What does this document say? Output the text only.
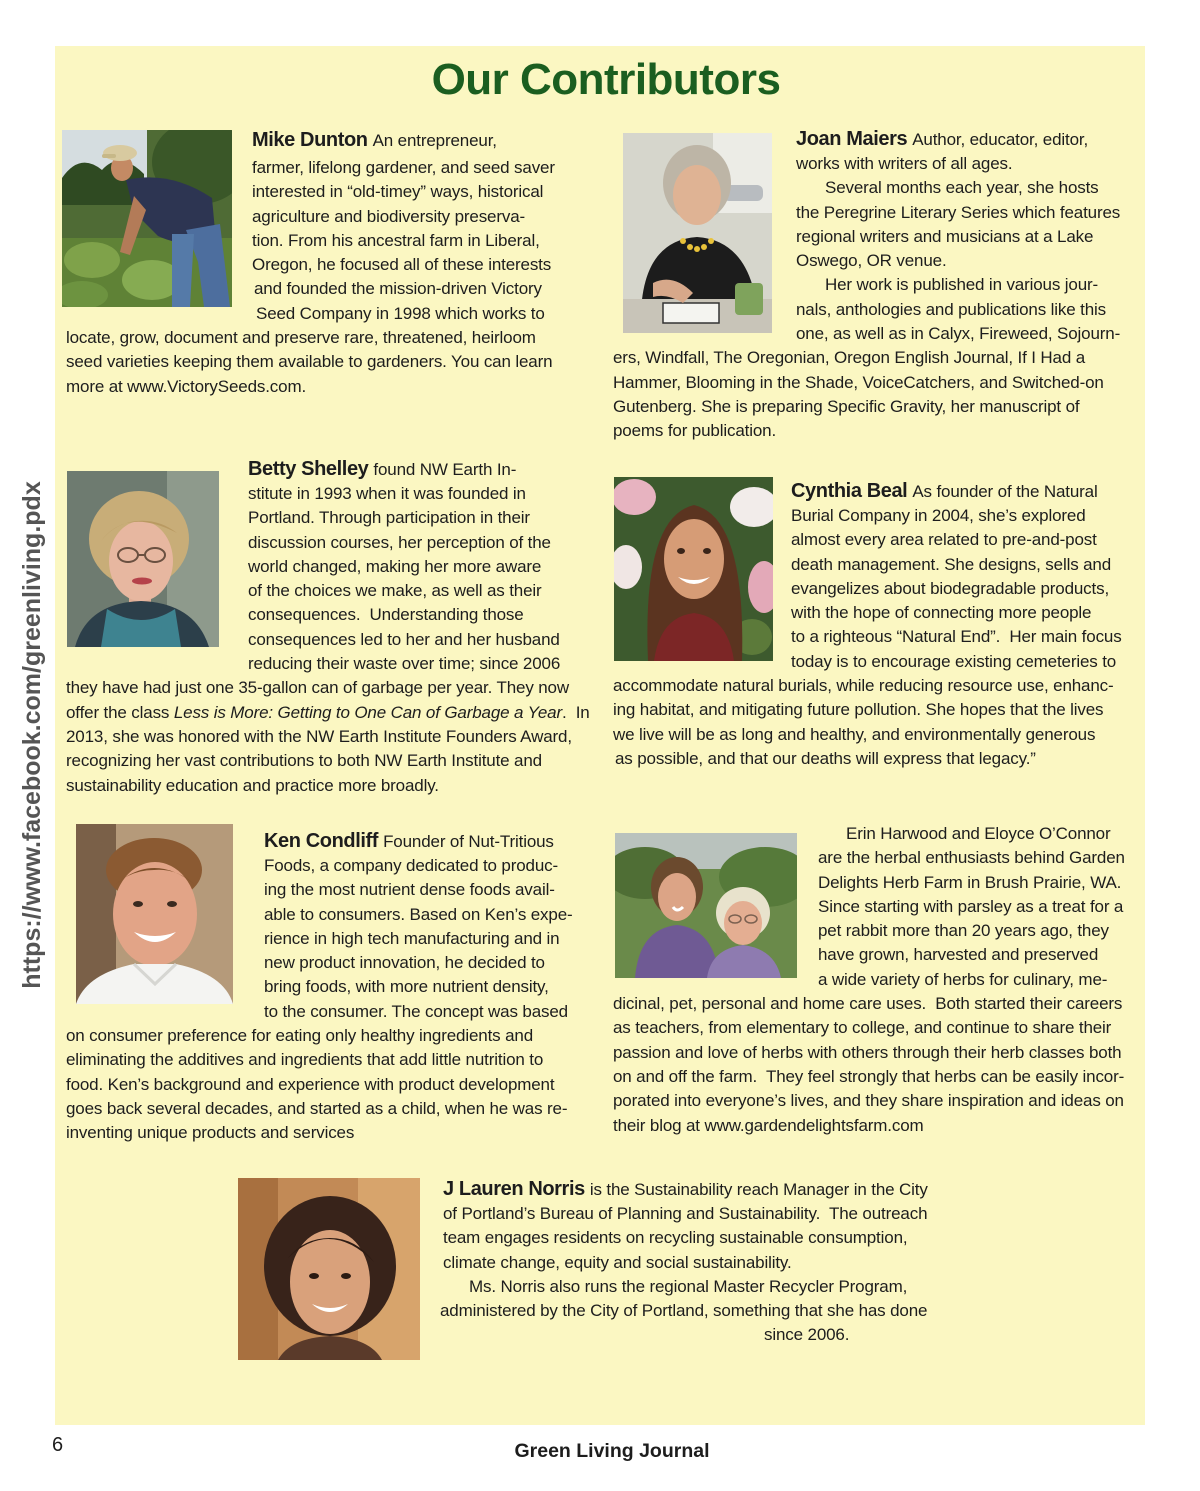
Our Contributors
https://www.facebook.com/greenliving.pdx
Mike Dunton An entrepreneur,
farmer, lifelong gardener, and seed saver
interested in “old-timey” ways, historical
agriculture and biodiversity preserva-
tion. From his ancestral farm in Liberal,
Oregon, he focused all of these interests
and founded the mission-driven Victory
Seed Company in 1998 which works to
locate, grow, document and preserve rare, threatened, heirloom
seed varieties keeping them available to gardeners. You can learn
more at www.VictorySeeds.com.
Betty Shelley found NW Earth In-
stitute in 1993 when it was founded in
Portland. Through participation in their
discussion courses, her perception of the
world changed, making her more aware
of the choices we make, as well as their
consequences.  Understanding those
consequences led to her and her husband
reducing their waste over time; since 2006
they have had just one 35-gallon can of garbage per year. They now
offer the class Less is More: Getting to One Can of Garbage a Year.  In
2013, she was honored with the NW Earth Institute Founders Award,
recognizing her vast contributions to both NW Earth Institute and
sustainability education and practice more broadly.
Ken Condliff Founder of Nut-Tritious
Foods, a company dedicated to produc-
ing the most nutrient dense foods avail-
able to consumers. Based on Ken’s expe-
rience in high tech manufacturing and in
new product innovation, he decided to
bring foods, with more nutrient density,
to the consumer. The concept was based
on consumer preference for eating only healthy ingredients and
eliminating the additives and ingredients that add little nutrition to
food. Ken’s background and experience with product development
goes back several decades, and started as a child, when he was re-
inventing unique products and services
Joan Maiers Author, educator, editor,
works with writers of all ages.
Several months each year, she hosts
the Peregrine Literary Series which features
regional writers and musicians at a Lake
Oswego, OR venue.
Her work is published in various jour-
nals, anthologies and publications like this
one, as well as in Calyx, Fireweed, Sojourn-
ers, Windfall, The Oregonian, Oregon English Journal, If I Had a
Hammer, Blooming in the Shade, VoiceCatchers, and Switched-on
Gutenberg. She is preparing Specific Gravity, her manuscript of
poems for publication.
Cynthia Beal As founder of the Natural
Burial Company in 2004, she’s explored
almost every area related to pre-and-post
death management. She designs, sells and
evangelizes about biodegradable products,
with the hope of connecting more people
to a righteous “Natural End”.  Her main focus
today is to encourage existing cemeteries to
accommodate natural burials, while reducing resource use, enhanc-
ing habitat, and mitigating future pollution. She hopes that the lives
we live will be as long and healthy, and environmentally generous
as possible, and that our deaths will express that legacy.”
Erin Harwood and Eloyce O’Connor
are the herbal enthusiasts behind Garden
Delights Herb Farm in Brush Prairie, WA.
Since starting with parsley as a treat for a
pet rabbit more than 20 years ago, they
have grown, harvested and preserved
a wide variety of herbs for culinary, me-
dicinal, pet, personal and home care uses.  Both started their careers
as teachers, from elementary to college, and continue to share their
passion and love of herbs with others through their herb classes both
on and off the farm.  They feel strongly that herbs can be easily incor-
porated into everyone’s lives, and they share inspiration and ideas on
their blog at www.gardendelightsfarm.com
J Lauren Norris is the Sustainability reach Manager in the City
of Portland’s Bureau of Planning and Sustainability.  The outreach
team engages residents on recycling sustainable consumption,
climate change, equity and social sustainability.
Ms. Norris also runs the regional Master Recycler Program,
administered by the City of Portland, something that she has done
since 2006.
6	Green Living Journal
